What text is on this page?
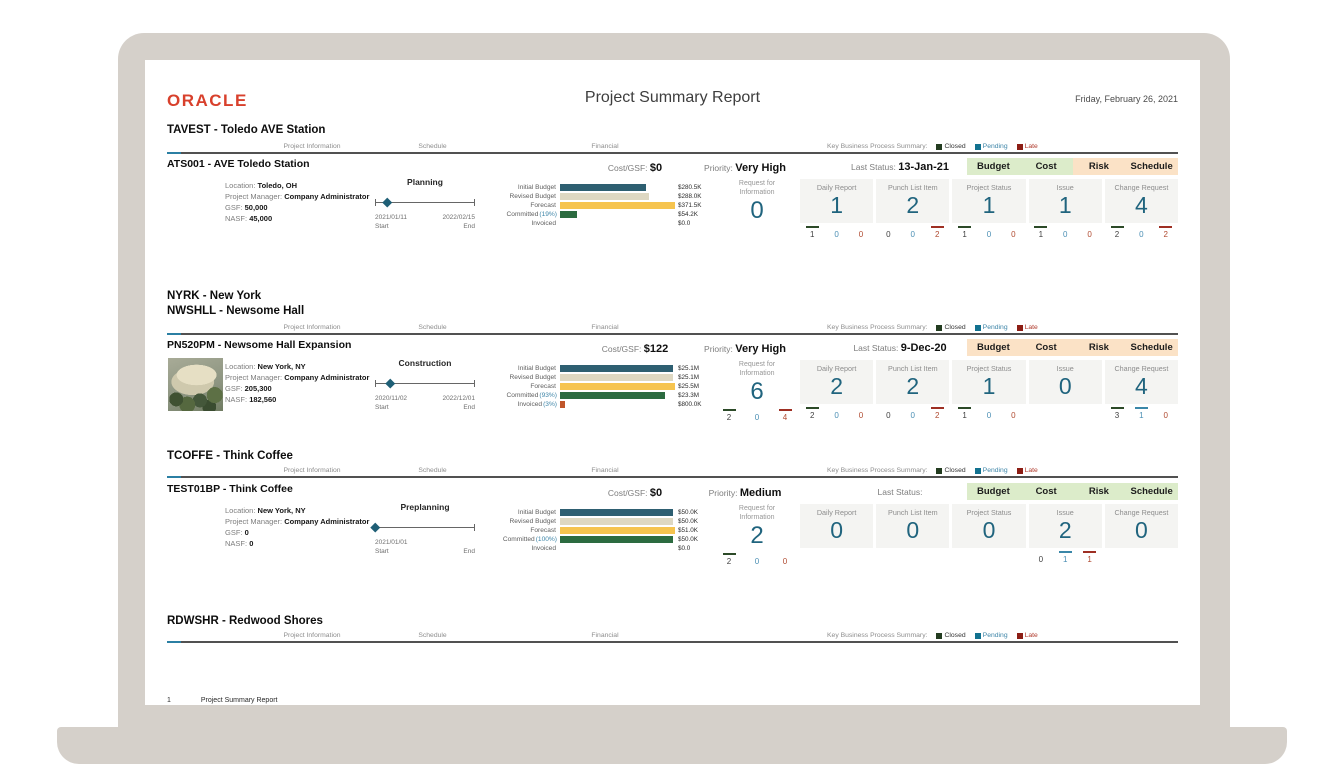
ORACLE	Project Summary Report	Friday, February 26, 2021
TAVEST - Toledo AVE Station
Project Information	Schedule	Financial	Key Business Process Summary:	Closed	Pending	Late
ATS001 - AVE Toledo Station
Location: Toledo, OH
Project Manager: Company Administrator
GSF: 50,000
NASF: 45,000
Planning
2021/01/11
Start
2022/02/15
End
Initial Budget	$280.5K
Revised Budget	$288.0K
Forecast	$371.5K
Committed(19%)	$54.2K
Invoiced	$0.0
Cost/GSF: $0	Priority: Very High	Last Status: 13-Jan-21	Budget	Cost	Risk	Schedule
Request for
Information
0
Daily Report
1
1	0	0
Punch List Item
2
0	0	2
Project Status
1
1	0	0
Issue
1
1	0	0
Change Request
4
2	0	2
NYRK - New York
NWSHLL - Newsome Hall
Project Information	Schedule	Financial	Key Business Process Summary:	Closed	Pending	Late
PN520PM - Newsome Hall Expansion
Location: New York, NY
Project Manager: Company Administrator
GSF: 205,300
NASF: 182,560
Construction
2020/11/02
Start
2022/12/01
End
Initial Budget	$25.1M
Revised Budget	$25.1M
Forecast	$25.5M
Committed(93%)	$23.3M
Invoiced(3%)	$800.0K
Cost/GSF: $122	Priority: Very High	Last Status: 9-Dec-20	Budget	Cost	Risk	Schedule
Request for
Information
6
2	0	4
Daily Report
2
2	0	0
Punch List Item
2
0	0	2
Project Status
1
1	0	0
Issue
0
Change Request
4
3	1	0
TCOFFE - Think Coffee
Project Information	Schedule	Financial	Key Business Process Summary:	Closed	Pending	Late
TEST01BP - Think Coffee
Location: New York, NY
Project Manager: Company Administrator
GSF: 0
NASF: 0
Preplanning
2021/01/01
Start	End
Initial Budget	$50.0K
Revised Budget	$50.0K
Forecast	$51.0K
Committed(100%)	$50.0K
Invoiced	$0.0
Cost/GSF: $0	Priority: Medium	Last Status:	Budget	Cost	Risk	Schedule
Request for
Information
2
2	0	0
Daily Report
0
Punch List Item
0
Project Status
0
Issue
2
0	1	1
Change Request
0
RDWSHR - Redwood Shores
Project Information	Schedule	Financial	Key Business Process Summary:	Closed	Pending	Late
1	Project Summary Report
